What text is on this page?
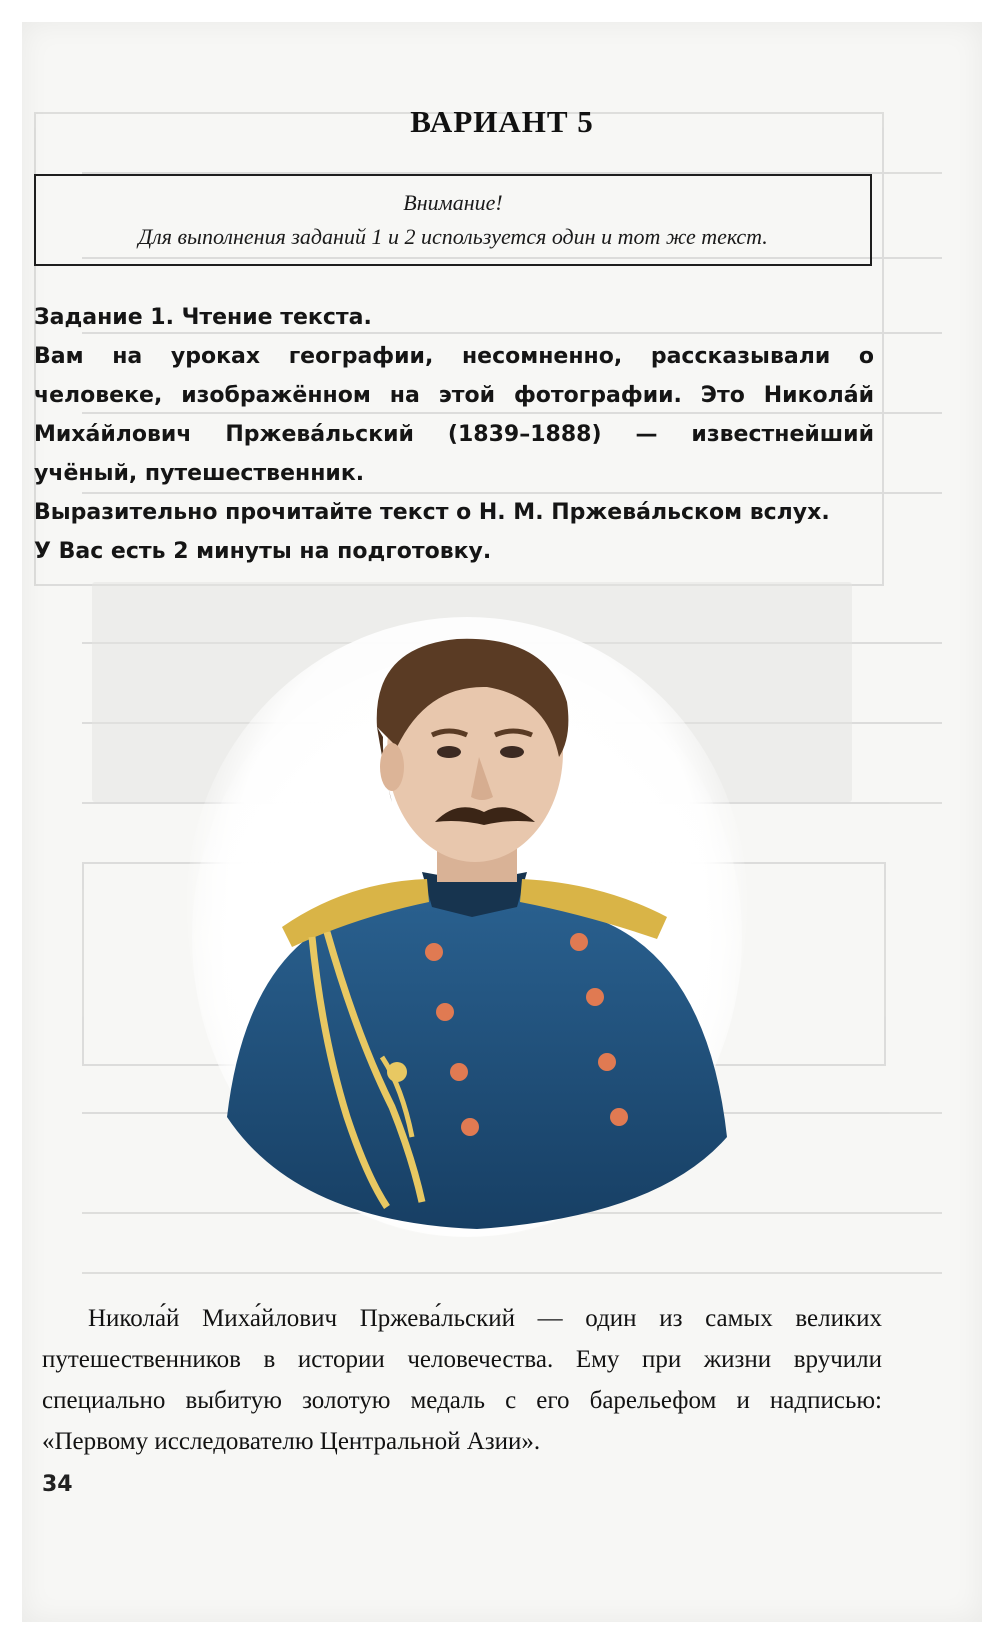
ВАРИАНТ 5
Внимание!
Для выполнения заданий 1 и 2 используется один и тот же текст.

Задание 1. Чтение текста.

Вам на уроках географии, несомненно, рассказывали о человеке, изображённом на этой фотографии. Это Никола́й Миха́йлович Пржева́льский (1839–1888) — известнейший учёный, путешественник.

Выразительно прочитайте текст о Н. М. Пржева́льском вслух.

У Вас есть 2 минуты на подготовку.

Никола́й Миха́йлович Пржева́льский — один из самых великих путешественников в истории человечества. Ему при жизни вручили специально выбитую золотую медаль с его барельефом и надписью: «Первому исследователю Центральной Азии».
34
